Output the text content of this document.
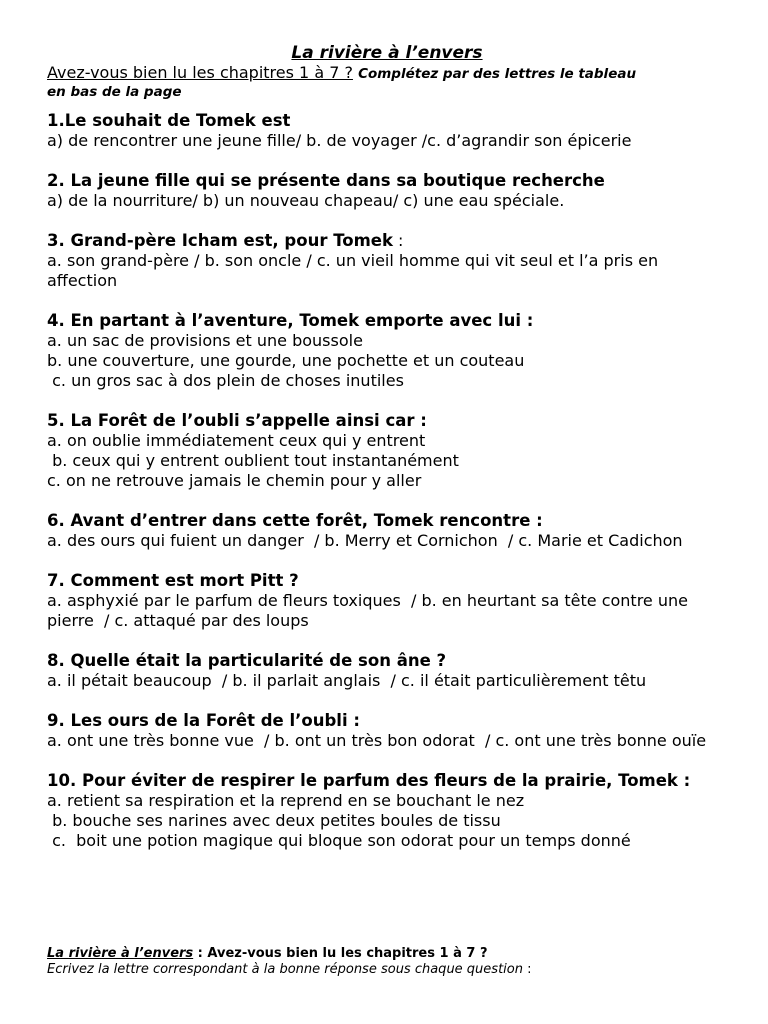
La rivière à l’envers

Avez-vous bien lu les chapitres 1 à 7 ? Complétez par des lettres le tableau

en bas de la page

1.Le souhait de Tomek est
a) de rencontrer une jeune fille/ b. de voyager /c. d’agrandir son épicerie
2. La jeune fille qui se présente dans sa boutique recherche
a) de la nourriture/ b) un nouveau chapeau/ c) une eau spéciale.
3. Grand-père Icham est, pour Tomek :
a. son grand-père / b. son oncle / c. un vieil homme qui vit seul et l’a pris en affection
4. En partant à l’aventure, Tomek emporte avec lui :
a. un sac de provisions et une boussole
b. une couverture, une gourde, une pochette et un couteau
c. un gros sac à dos plein de choses inutiles
5. La Forêt de l’oubli s’appelle ainsi car :
a. on oublie immédiatement ceux qui y entrent
b. ceux qui y entrent oublient tout instantanément
c. on ne retrouve jamais le chemin pour y aller
6. Avant d’entrer dans cette forêt, Tomek rencontre :
a. des ours qui fuient un danger  / b. Merry et Cornichon  / c. Marie et Cadichon
7. Comment est mort Pitt ?
a. asphyxié par le parfum de fleurs toxiques  / b. en heurtant sa tête contre une pierre  / c. attaqué par des loups
8. Quelle était la particularité de son âne ?
a. il pétait beaucoup  / b. il parlait anglais  / c. il était particulièrement têtu
9. Les ours de la Forêt de l’oubli :
a. ont une très bonne vue  / b. ont un très bon odorat  / c. ont une très bonne ouïe
10. Pour éviter de respirer le parfum des fleurs de la prairie, Tomek :
a. retient sa respiration et la reprend en se bouchant le nez
b. bouche ses narines avec deux petites boules de tissu
c.  boit une potion magique qui bloque son odorat pour un temps donné
La rivière à l’envers : Avez-vous bien lu les chapitres 1 à 7 ?
Ecrivez la lettre correspondant à la bonne réponse sous chaque question :
